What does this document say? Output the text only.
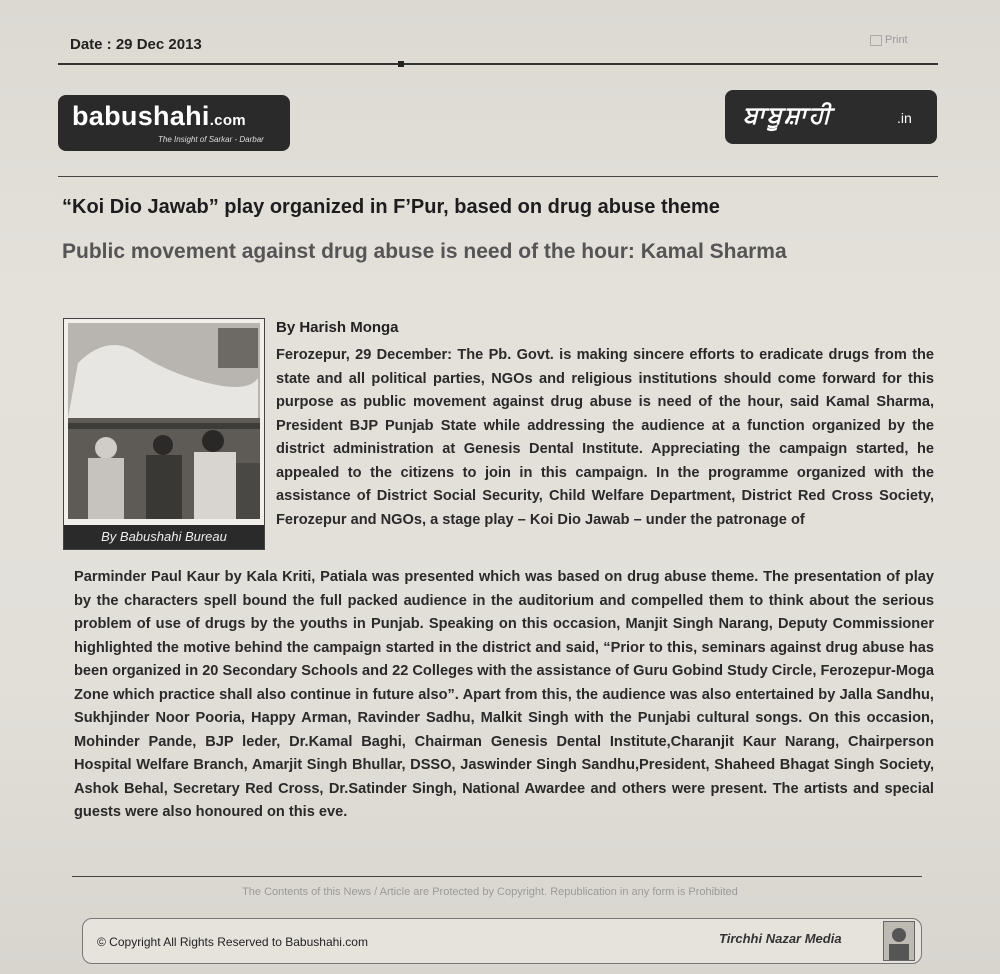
Date : 29 Dec 2013	Print
babushahi.com
The Insight of Sarkar - Darbar
ਬਾਬੂਸ਼ਾਹੀ	.in
“Koi Dio Jawab” play organized in F’Pur, based on drug abuse theme
Public movement against drug abuse is need of the hour: Kamal Sharma
By Babushahi Bureau
By Harish Monga

Ferozepur, 29 December: The Pb. Govt. is making sincere efforts to eradicate drugs from the state and all political parties, NGOs and religious institutions should come forward for this purpose as public movement against drug abuse is need of the hour, said Kamal Sharma, President BJP Punjab State while addressing the audience at a function organized by the district administration at Genesis Dental Institute. Appreciating the campaign started, he appealed to the citizens to join in this campaign. In the programme organized with the assistance of District Social Security, Child Welfare Department, District Red Cross Society, Ferozepur and NGOs, a stage play – Koi Dio Jawab – under the patronage of

Parminder Paul Kaur by Kala Kriti, Patiala was presented which was based on drug abuse theme. The presentation of play by the characters spell bound the full packed audience in the auditorium and compelled them to think about the serious problem of use of drugs by the youths in Punjab. Speaking on this occasion, Manjit Singh Narang, Deputy Commissioner highlighted the motive behind the campaign started in the district and said, “Prior to this, seminars against drug abuse has been organized in 20 Secondary Schools and 22 Colleges with the assistance of Guru Gobind Study Circle, Ferozepur-Moga Zone which practice shall also continue in future also”. Apart from this, the audience was also entertained by Jalla Sandhu, Sukhjinder Noor Pooria, Happy Arman, Ravinder Sadhu, Malkit Singh with the Punjabi cultural songs. On this occasion, Mohinder Pande, BJP leder, Dr.Kamal Baghi, Chairman Genesis Dental Institute,Charanjit Kaur Narang, Chairperson Hospital Welfare Branch, Amarjit Singh Bhullar, DSSO, Jaswinder Singh Sandhu,President, Shaheed Bhagat Singh Society, Ashok Behal, Secretary Red Cross, Dr.Satinder Singh, National Awardee and others were present. The artists and special guests were also honoured on this eve.

The Contents of this News / Article are Protected by Copyright. Republication in any form is Prohibited
© Copyright All Rights Reserved to Babushahi.com	Tirchhi Nazar Media
